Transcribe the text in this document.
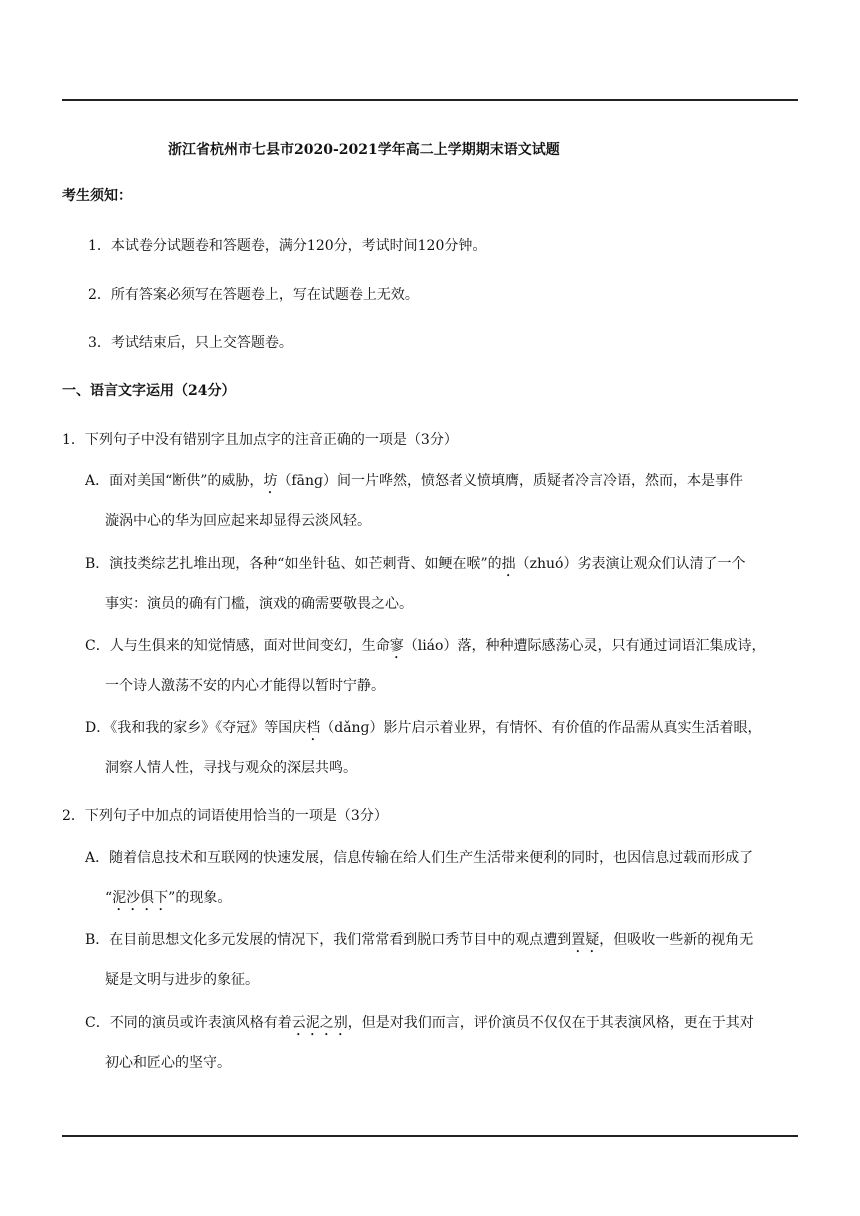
浙江省杭州市七县市2020-2021学年高二上学期期末语文试题
考生须知：
1．本试卷分试题卷和答题卷，满分120分，考试时间120分钟。
2．所有答案必须写在答题卷上，写在试题卷上无效。
3．考试结束后，只上交答题卷。
一、语言文字运用（24分）
1．下列句子中没有错别字且加点字的注音正确的一项是（3分）
A．面对美国“断供”的威胁，坊（fānɡ）间一片哗然，愤怒者义愤填膺，质疑者冷言冷语，然而，本是事件
漩涡中心的华为回应起来却显得云淡风轻。
B．演技类综艺扎堆出现，各种“如坐针毡、如芒刺背、如鲠在喉”的拙（zhuó）劣表演让观众们认清了一个
事实：演员的确有门槛，演戏的确需要敬畏之心。
C．人与生俱来的知觉情感，面对世间变幻，生命寥（liáo）落，种种遭际感荡心灵，只有通过词语汇集成诗，
一个诗人激荡不安的内心才能得以暂时宁静。
D．《我和我的家乡》《夺冠》等国庆档（dǎnɡ）影片启示着业界，有情怀、有价值的作品需从真实生活着眼，
洞察人情人性，寻找与观众的深层共鸣。
2．下列句子中加点的词语使用恰当的一项是（3分）
A．随着信息技术和互联网的快速发展，信息传输在给人们生产生活带来便利的同时，也因信息过载而形成了
“泥沙俱下”的现象。
B．在目前思想文化多元发展的情况下，我们常常看到脱口秀节目中的观点遭到置疑，但吸收一些新的视角无
疑是文明与进步的象征。
C．不同的演员或许表演风格有着云泥之别，但是对我们而言，评价演员不仅仅在于其表演风格，更在于其对
初心和匠心的坚守。
